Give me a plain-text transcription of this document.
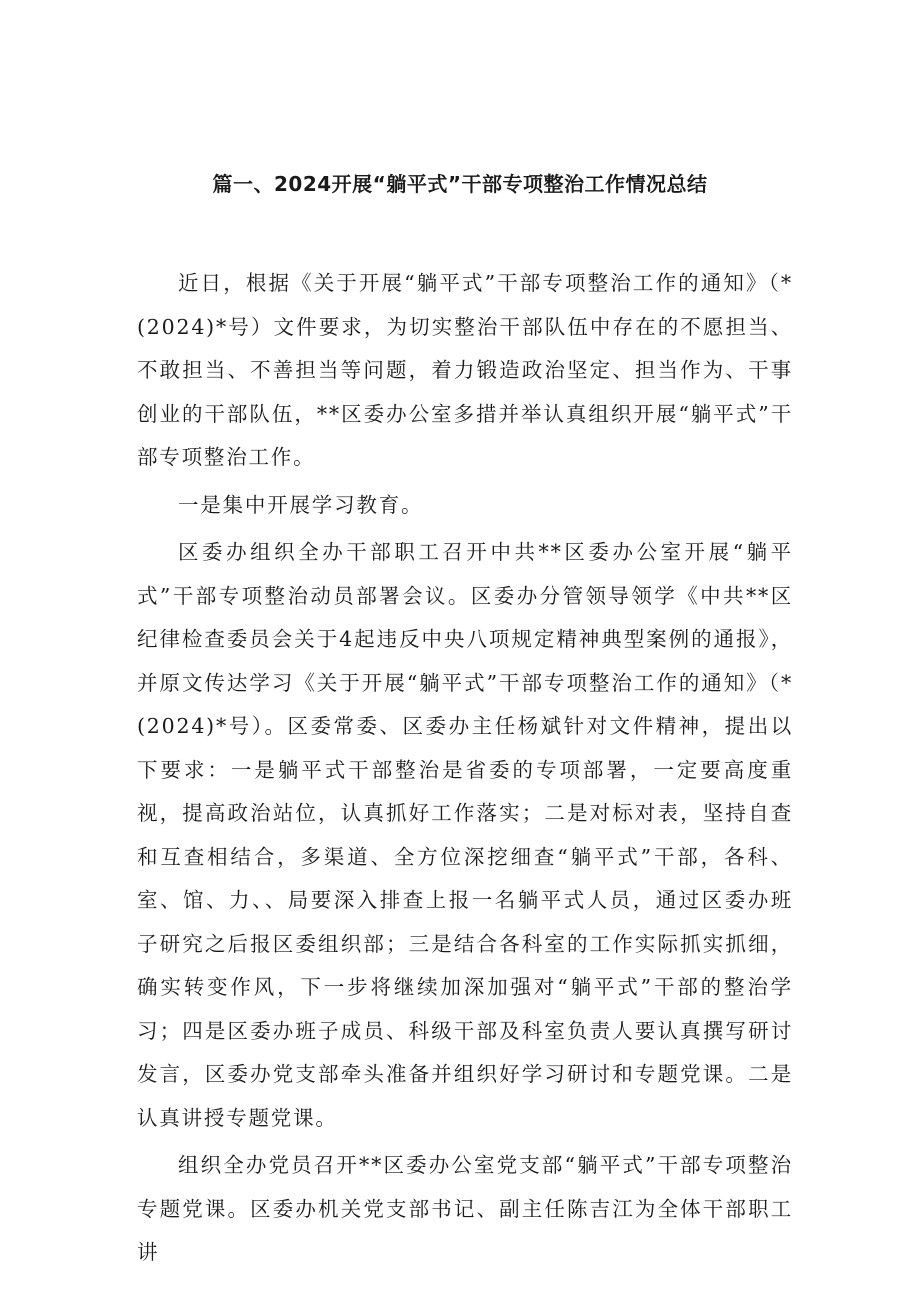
篇一、2024开展“躺平式”干部专项整治工作情况总结

近日，根据《关于开展“躺平式”干部专项整治工作的通知》（*(2024)*号）文件要求，为切实整治干部队伍中存在的不愿担当、不敢担当、不善担当等问题，着力锻造政治坚定、担当作为、干事创业的干部队伍，**区委办公室多措并举认真组织开展“躺平式”干部专项整治工作。

一是集中开展学习教育。

区委办组织全办干部职工召开中共**区委办公室开展“躺平式”干部专项整治动员部署会议。区委办分管领导领学《中共**区纪律检查委员会关于4起违反中央八项规定精神典型案例的通报》，并原文传达学习《关于开展“躺平式”干部专项整治工作的通知》（*(2024)*号）。区委常委、区委办主任杨斌针对文件精神，提出以下要求：一是躺平式干部整治是省委的专项部署，一定要高度重视，提高政治站位，认真抓好工作落实；二是对标对表，坚持自查和互查相结合，多渠道、全方位深挖细查“躺平式”干部，各科、室、馆、力、、局要深入排查上报一名躺平式人员，通过区委办班子研究之后报区委组织部；三是结合各科室的工作实际抓实抓细，确实转变作风，下一步将继续加深加强对“躺平式”干部的整治学习；四是区委办班子成员、科级干部及科室负责人要认真撰写研讨发言，区委办党支部牵头准备并组织好学习研讨和专题党课。二是认真讲授专题党课。

组织全办党员召开**区委办公室党支部“躺平式”干部专项整治专题党课。区委办机关党支部书记、副主任陈吉江为全体干部职工讲
